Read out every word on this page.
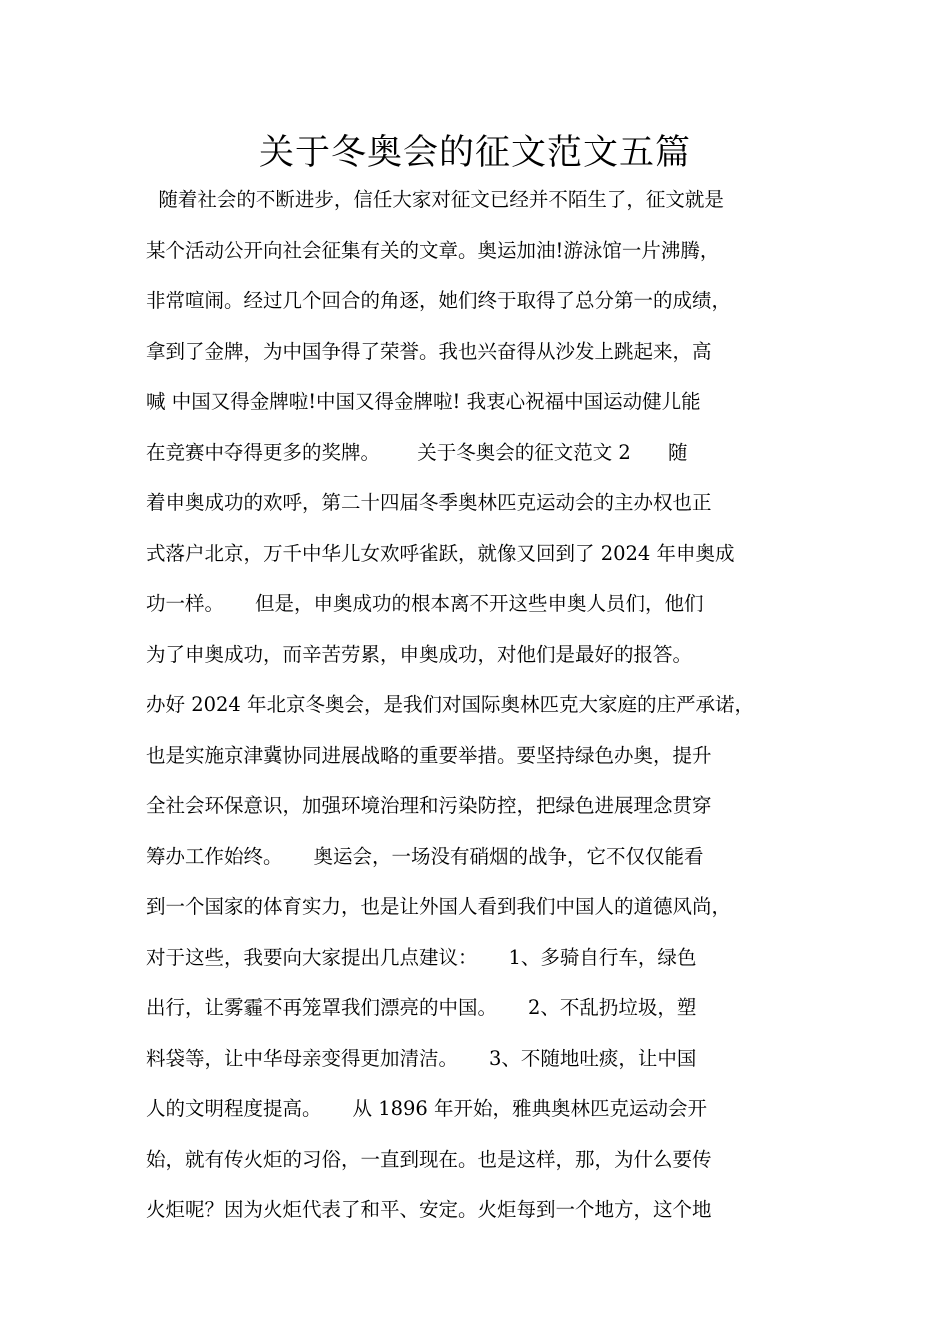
关于冬奥会的征文范文五篇
随着社会的不断进步，信任大家对征文已经并不陌生了，征文就是
某个活动公开向社会征集有关的文章。奥运加油!游泳馆一片沸腾，
非常喧闹。经过几个回合的角逐，她们终于取得了总分第一的成绩，
拿到了金牌，为中国争得了荣誉。我也兴奋得从沙发上跳起来，高
喊 中国又得金牌啦!中国又得金牌啦! 我衷心祝福中国运动健儿能
在竞赛中夺得更多的奖牌。      关于冬奥会的征文范文 2      随
着申奥成功的欢呼，第二十四届冬季奥林匹克运动会的主办权也正
式落户北京，万千中华儿女欢呼雀跃，就像又回到了 2024 年申奥成
功一样。     但是，申奥成功的根本离不开这些申奥人员们，他们
为了申奥成功，而辛苦劳累，申奥成功，对他们是最好的报答。
办好 2024 年北京冬奥会，是我们对国际奥林匹克大家庭的庄严承诺，
也是实施京津冀协同进展战略的重要举措。要坚持绿色办奥，提升
全社会环保意识，加强环境治理和污染防控，把绿色进展理念贯穿
筹办工作始终。     奥运会，一场没有硝烟的战争，它不仅仅能看
到一个国家的体育实力，也是让外国人看到我们中国人的道德风尚，
对于这些，我要向大家提出几点建议：     1、多骑自行车，绿色
出行，让雾霾不再笼罩我们漂亮的中国。     2、不乱扔垃圾，塑
料袋等，让中华母亲变得更加清洁。     3、不随地吐痰，让中国
人的文明程度提高。     从 1896 年开始，雅典奥林匹克运动会开
始，就有传火炬的习俗，一直到现在。也是这样，那，为什么要传
火炬呢？因为火炬代表了和平、安定。火炬每到一个地方，这个地
